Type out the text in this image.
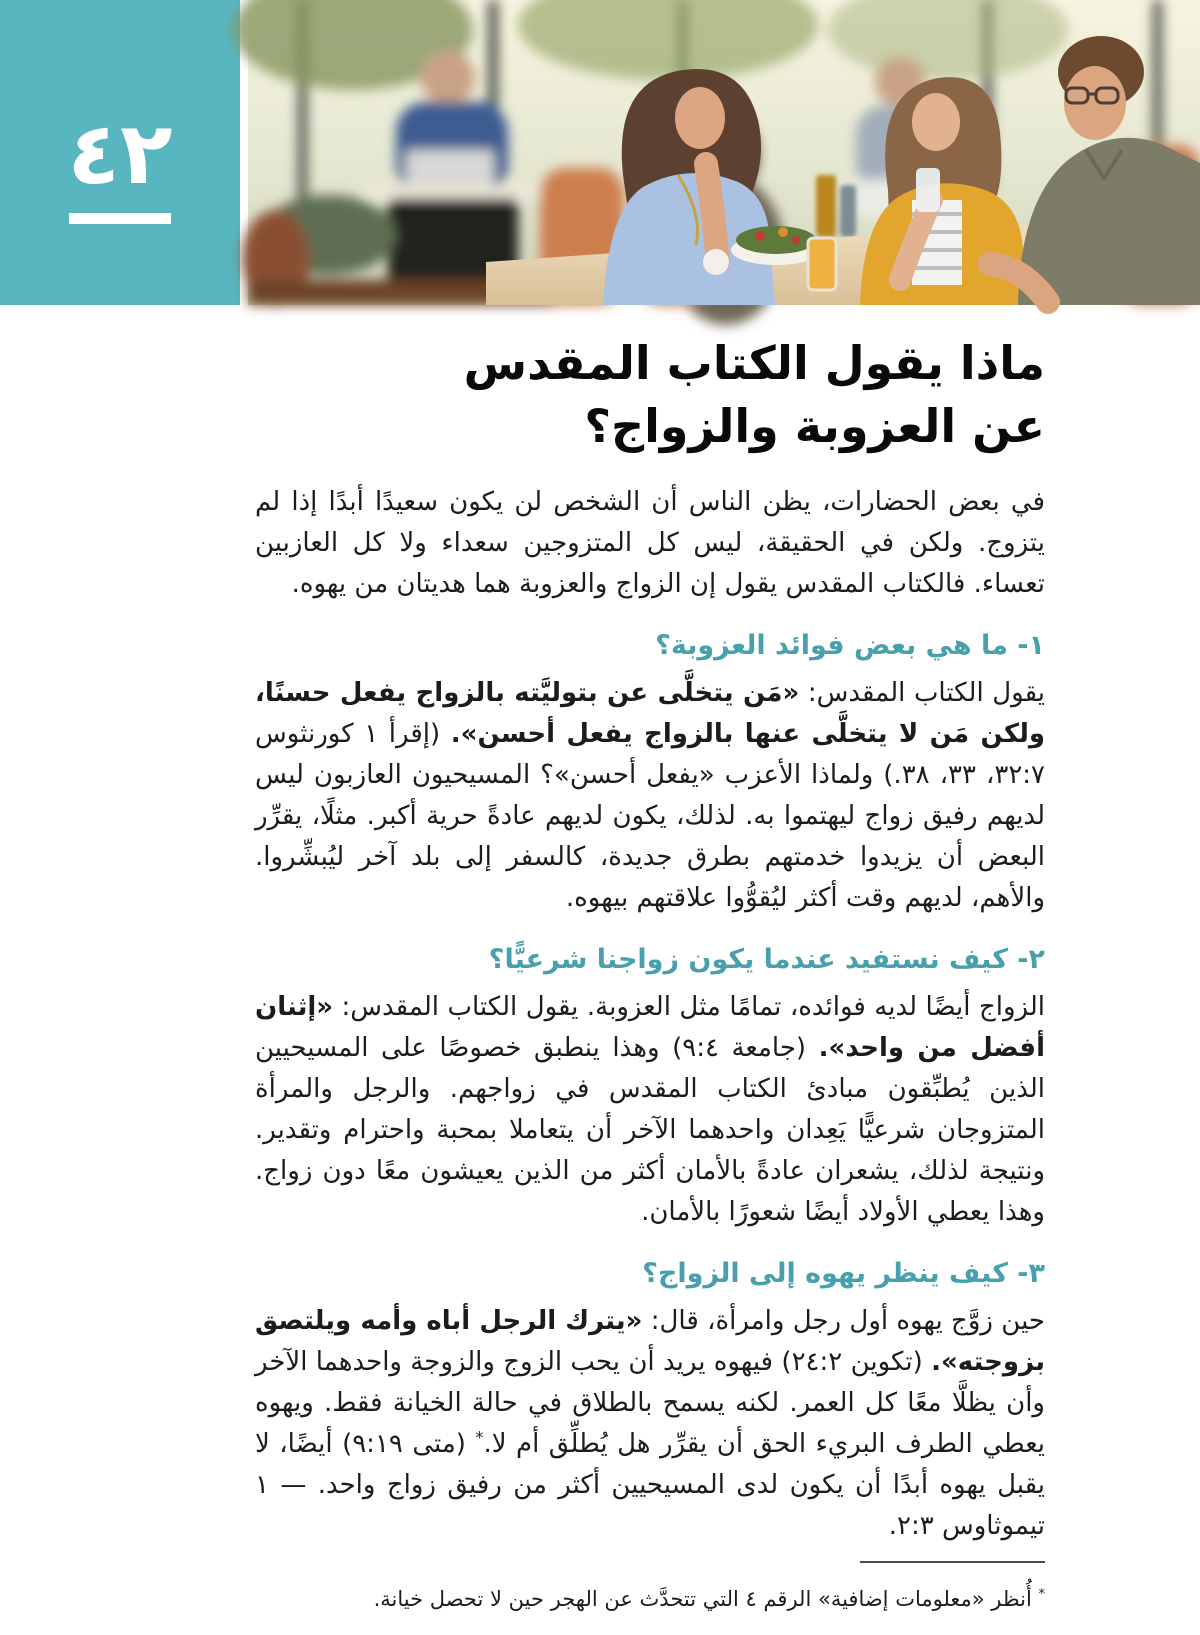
٤٢
ماذا يقول الكتاب المقدس
عن العزوبة والزواج؟

في بعض الحضارات، يظن الناس أن الشخص لن يكون سعيدًا أبدًا إذا لم يتزوج. ولكن في الحقيقة، ليس كل المتزوجين سعداء ولا كل العازبين تعساء. فالكتاب المقدس يقول إن الزواج والعزوبة هما هديتان من يهوه.

١- ما هي بعض فوائد العزوبة؟

يقول الكتاب المقدس: «مَن يتخلَّى عن بتوليَّته بالزواج يفعل حسنًا، ولكن مَن لا يتخلَّى عنها بالزواج يفعل أحسن». (إقرأ ١ كورنثوس ٣٢:٧، ٣٣، ٣٨.) ولماذا الأعزب «يفعل أحسن»؟ المسيحيون العازبون ليس لديهم رفيق زواج ليهتموا به. لذلك، يكون لديهم عادةً حرية أكبر. مثلًا، يقرِّر البعض أن يزيدوا خدمتهم بطرق جديدة، كالسفر إلى بلد آخر ليُبشِّروا. والأهم، لديهم وقت أكثر ليُقوُّوا علاقتهم بيهوه.

٢- كيف نستفيد عندما يكون زواجنا شرعيًّا؟

الزواج أيضًا لديه فوائده، تمامًا مثل العزوبة. يقول الكتاب المقدس: «إثنان أفضل من واحد». (جامعة ٩:٤) وهذا ينطبق خصوصًا على المسيحيين الذين يُطبِّقون مبادئ الكتاب المقدس في زواجهم. والرجل والمرأة المتزوجان شرعيًّا يَعِدان واحدهما الآخر أن يتعاملا بمحبة واحترام وتقدير. ونتيجة لذلك، يشعران عادةً بالأمان أكثر من الذين يعيشون معًا دون زواج. وهذا يعطي الأولاد أيضًا شعورًا بالأمان.

٣- كيف ينظر يهوه إلى الزواج؟

حين زوَّج يهوه أول رجل وامرأة، قال: «يترك الرجل أباه وأمه ويلتصق بزوجته». (تكوين ٢٤:٢) فيهوه يريد أن يحب الزوج والزوجة واحدهما الآخر وأن يظلَّا معًا كل العمر. لكنه يسمح بالطلاق في حالة الخيانة فقط. ويهوه يعطي الطرف البريء الحق أن يقرِّر هل يُطلِّق أم لا.* (متى ٩:١٩) أيضًا، لا يقبل يهوه أبدًا أن يكون لدى المسيحيين أكثر من رفيق زواج واحد. — ١ تيموثاوس ٢:٣.

* أُنظر «معلومات إضافية» الرقم ٤ التي تتحدَّث عن الهجر حين لا تحصل خيانة.
